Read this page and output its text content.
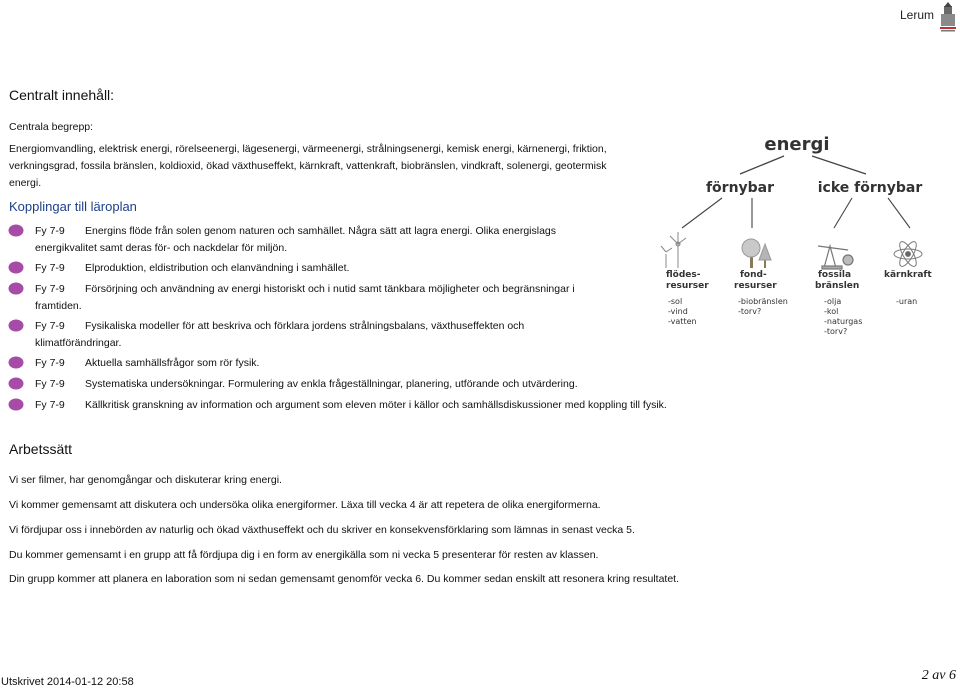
Lerum
Centralt innehåll:
Centrala begrepp:
Energiomvandling, elektrisk energi, rörelseenergi, lägesenergi, värmeenergi, strålningsenergi, kemisk energi, kärnenergi, friktion,
verkningsgrad, fossila bränslen, koldioxid, ökad växthuseffekt, kärnkraft, vattenkraft, biobränslen, vindkraft, solenergi, geotermisk
energi.
Kopplingar till läroplan
Fy 7-9 Energins flöde från solen genom naturen och samhället. Några sätt att lagra energi. Olika energislags
energikvalitet samt deras för- och nackdelar för miljön.
Fy 7-9 Elproduktion, eldistribution och elanvändning i samhället.
Fy 7-9 Försörjning och användning av energi historiskt och i nutid samt tänkbara möjligheter och begränsningar i
framtiden.
Fy 7-9 Fysikaliska modeller för att beskriva och förklara jordens strålningsbalans, växthuseffekten och
klimatförändringar.
Fy 7-9 Aktuella samhällsfrågor som rör fysik.
Fy 7-9 Systematiska undersökningar. Formulering av enkla frågeställningar, planering, utförande och utvärdering.
Fy 7-9 Källkritisk granskning av information och argument som eleven möter i källor och samhällsdiskussioner med koppling till fysik.
Arbetssätt
Vi ser filmer, har genomgångar och diskuterar kring energi.
Vi kommer gemensamt att diskutera och undersöka olika energiformer. Läxa till vecka 4 är att repetera de olika energiformerna.
Vi fördjupar oss i innebörden av naturlig och ökad växthuseffekt och du skriver en konsekvensförklaring som lämnas in senast vecka 5.
Du kommer gemensamt i en grupp att få fördjupa dig i en form av energikälla som ni vecka 5 presenterar för resten av klassen.
Din grupp kommer att planera en laboration som ni sedan gemensamt genomför vecka 6. Du kommer sedan enskilt att resonera kring resultatet.
energi
förnybar	icke förnybar
flödes-resurser
fond-resurser
fossila bränslen
kärnkraft
-sol -vind -vatten
-biobränslen -torv?
-olja -kol -naturgas -torv?
-uran
Utskrivet 2014-01-12 20:58	2 av 6
